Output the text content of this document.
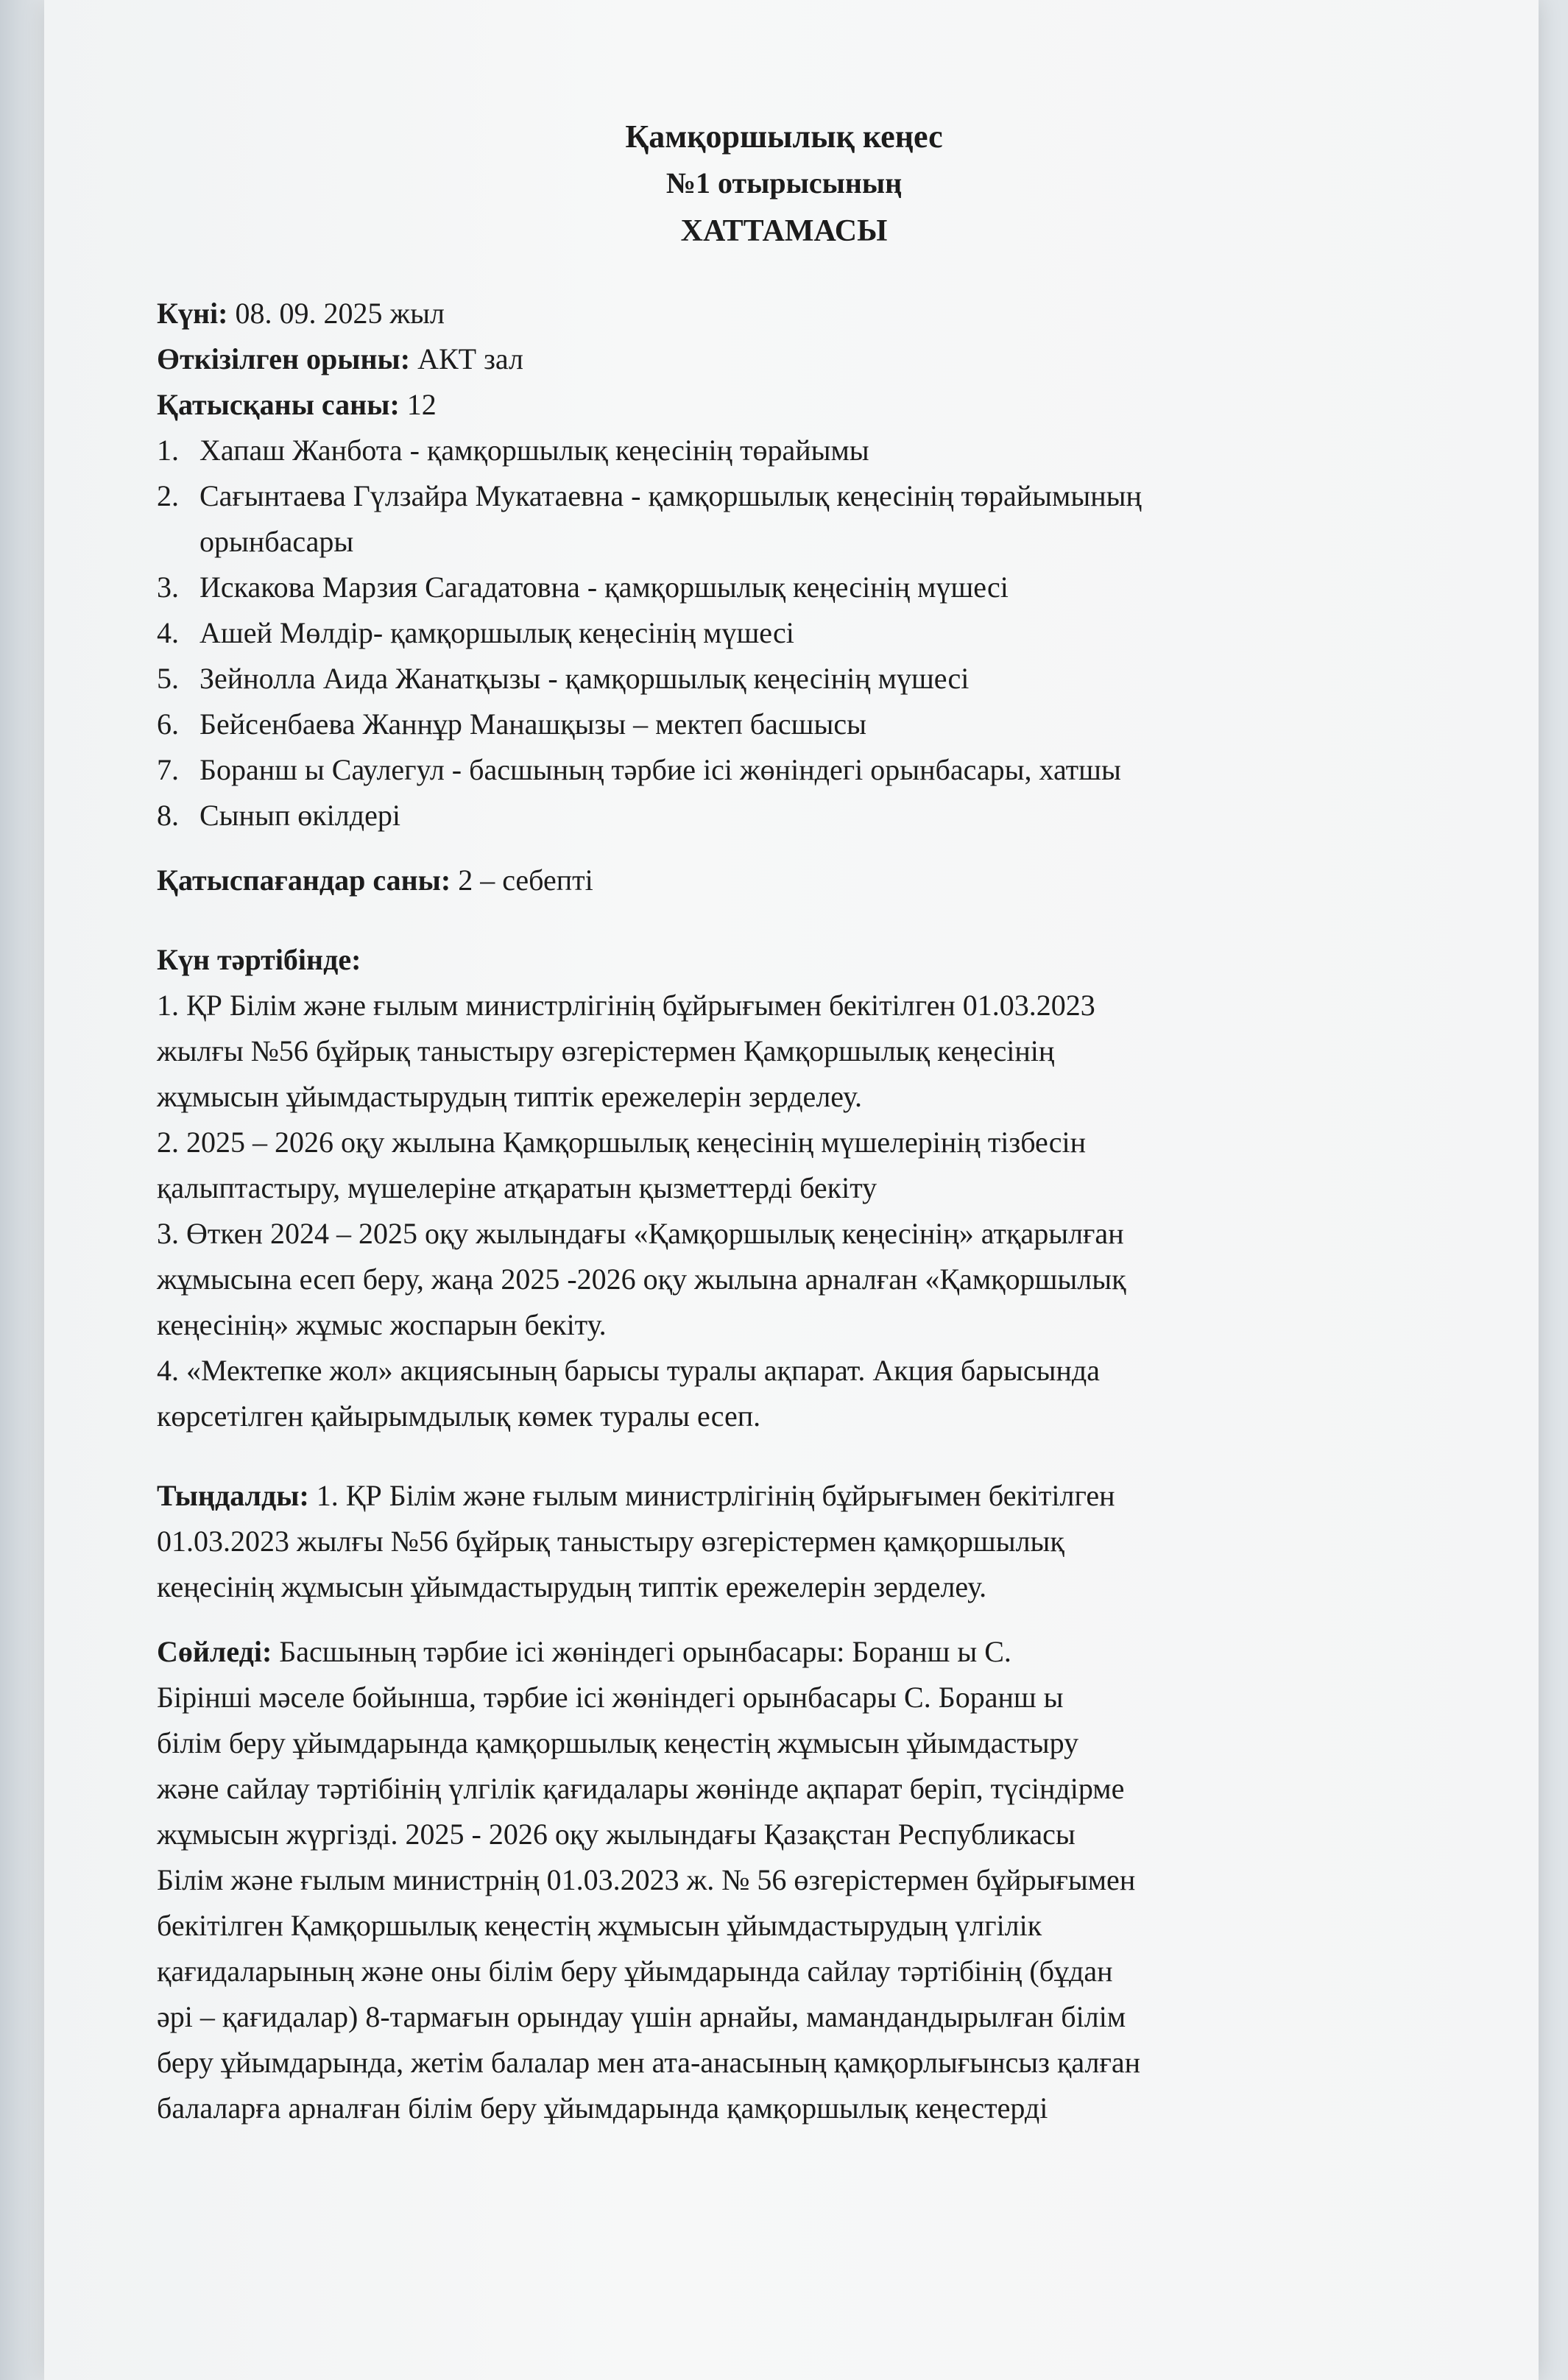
Қамқоршылық кеңес
№1 отырысының
ХАТТАМАСЫ
Күні: 08. 09. 2025 жыл
Өткізілген орыны: АКТ зал
Қатысқаны саны: 12
1. Хапаш Жанбота - қамқоршылық кеңесінің төрайымы
2. Сағынтаева Гүлзайра Мукатаевна - қамқоршылық кеңесінің төрайымының
орынбасары
3. Искакова Марзия Сагадатовна - қамқоршылық кеңесінің мүшесі
4. Ашей Мөлдір- қамқоршылық кеңесінің мүшесі
5. Зейнолла Аида Жанатқызы - қамқоршылық кеңесінің мүшесі
6. Бейсенбаева Жаннұр Манашқызы – мектеп басшысы
7. Боранш ы Саулегул - басшының тәрбие ісі жөніндегі орынбасары, хатшы
8. Сынып өкілдері
Қатыспағандар саны: 2 – себепті
Күн тәртібінде:
1. ҚР Білім және ғылым министрлігінің бұйрығымен бекітілген 01.03.2023
жылғы №56 бұйрық таныстыру өзгерістермен Қамқоршылық кеңесінің
жұмысын ұйымдастырудың типтік ережелерін зерделеу.
2. 2025 – 2026 оқу жылына Қамқоршылық кеңесінің мүшелерінің тізбесін
қалыптастыру, мүшелеріне атқаратын қызметтерді бекіту
3. Өткен 2024 – 2025 оқу жылындағы «Қамқоршылық кеңесінің» атқарылған
жұмысына есеп беру, жаңа 2025 -2026 оқу жылына арналған «Қамқоршылық
кеңесінің» жұмыс жоспарын бекіту.
4. «Мектепке жол» акциясының барысы туралы ақпарат. Акция барысында
көрсетілген қайырымдылық көмек туралы есеп.
Тыңдалды: 1. ҚР Білім және ғылым министрлігінің бұйрығымен бекітілген
01.03.2023 жылғы №56 бұйрық таныстыру өзгерістермен қамқоршылық
кеңесінің жұмысын ұйымдастырудың типтік ережелерін зерделеу.
Сөйледі: Басшының тәрбие ісі жөніндегі орынбасары: Боранш ы С.
Бірінші мәселе бойынша, тәрбие ісі жөніндегі орынбасары С. Боранш ы
білім беру ұйымдарында қамқоршылық кеңестің жұмысын ұйымдастыру
және сайлау тәртібінің үлгілік қағидалары жөнінде ақпарат беріп, түсіндірме
жұмысын жүргізді. 2025 - 2026 оқу жылындағы Қазақстан Республикасы
Білім және ғылым министрнің 01.03.2023 ж. № 56 өзгерістермен бұйрығымен
бекітілген Қамқоршылық кеңестің жұмысын ұйымдастырудың үлгілік
қағидаларының және оны білім беру ұйымдарында сайлау тәртібінің (бұдан
әрі – қағидалар) 8-тармағын орындау үшін арнайы, мамандандырылған білім
беру ұйымдарында, жетім балалар мен ата-анасының қамқорлығынсыз қалған
балаларға арналған білім беру ұйымдарында қамқоршылық кеңестерді
